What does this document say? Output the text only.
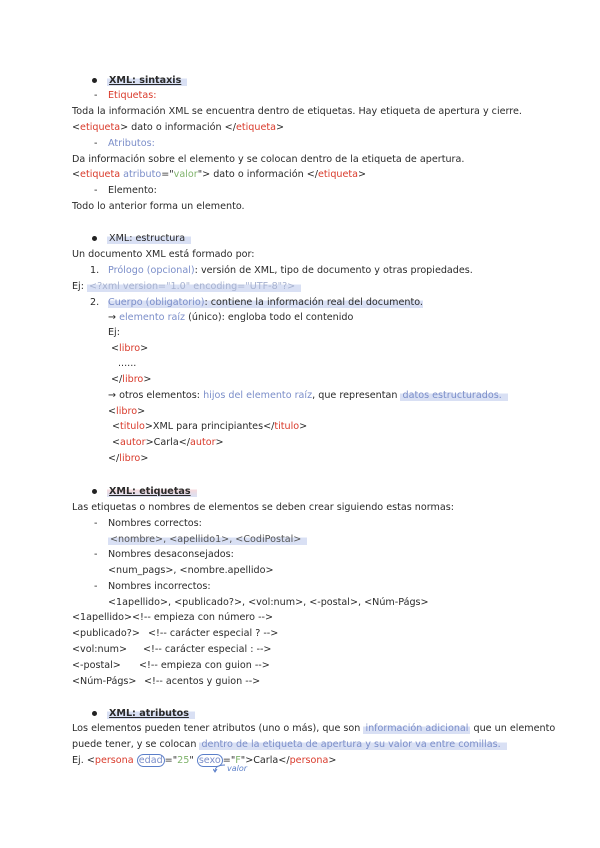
XML: sintaxis
- Etiquetas:
Toda la información XML se encuentra dentro de etiquetas. Hay etiqueta de apertura y cierre.
<etiqueta> dato o información </etiqueta>
- Atributos:
Da información sobre el elemento y se colocan dentro de la etiqueta de apertura.
<etiqueta atributo="valor"> dato o información </etiqueta>
- Elemento:
Todo lo anterior forma un elemento.
XML: estructura
Un documento XML está formado por:
1. Prólogo (opcional): versión de XML, tipo de documento y otras propiedades.
Ej: <?xml version="1.0" encoding="UTF-8"?>
2. Cuerpo (obligatorio): contiene la información real del documento.
→ elemento raíz (único): engloba todo el contenido
Ej:
<libro>
......
</libro>
→ otros elementos: hijos del elemento raíz, que representan datos estructurados.
<libro>
<titulo>XML para principiantes</titulo>
<autor>Carla</autor>
</libro>
XML: etiquetas
Las etiquetas o nombres de elementos se deben crear siguiendo estas normas:
- Nombres correctos:
<nombre>, <apellido1>, <CodiPostal>
- Nombres desaconsejados:
<num_pags>, <nombre.apellido>
- Nombres incorrectos:
<1apellido>, <publicado?>, <vol:num>, <-postal>, <Núm-Págs>
<1apellido> <!-- empieza con número -->
<publicado?> <!-- carácter especial ? -->
<vol:num> <!-- carácter especial : -->
<-postal> <!-- empieza con guion -->
<Núm-Págs> <!-- acentos y guion -->
XML: atributos
Los elementos pueden tener atributos (uno o más), que son información adicional que un elemento
puede tener, y se colocan dentro de la etiqueta de apertura y su valor va entre comillas.
Ej. <persona edad ="25" sexo ="F">Carla</persona>
valor
